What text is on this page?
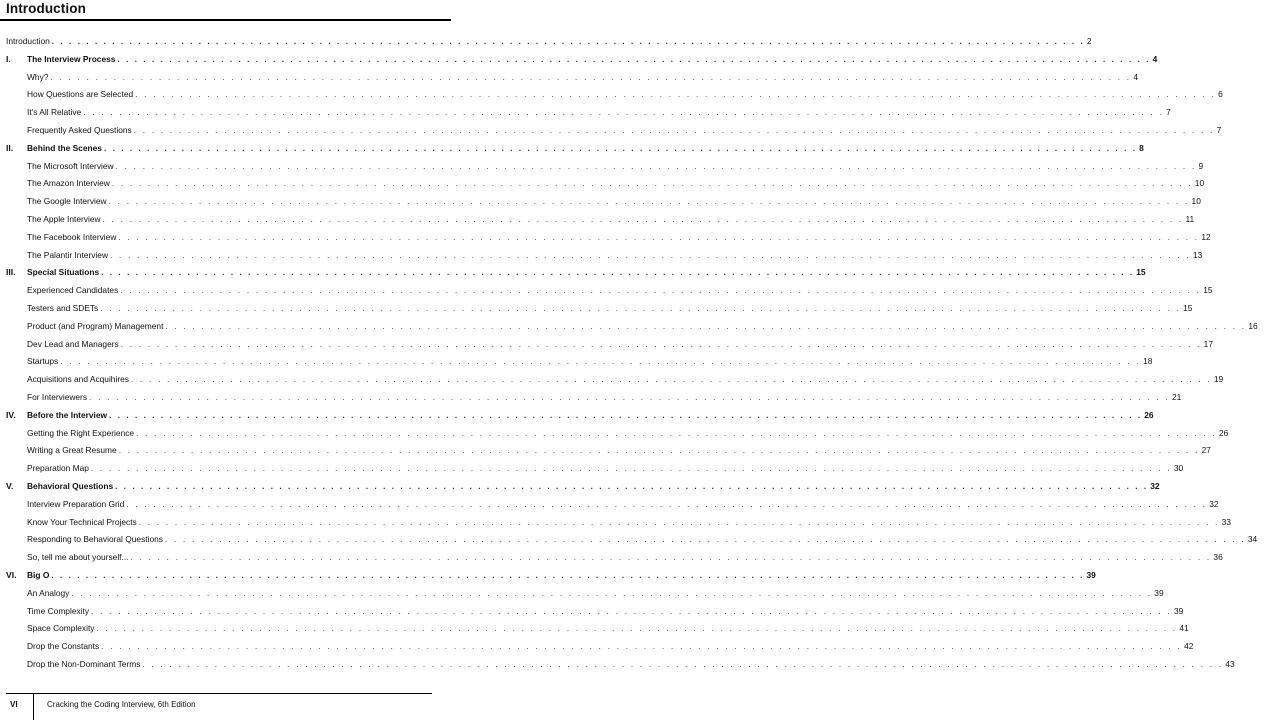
Introduction
Introduction . . . . . . . . . . . . . . . . . . . . . . . . . . . . . . . . . . . . . . . . . . . . . . . . . . . . . . . . . . . . . . . . . . . . . . . . . . . . . . . . . . . . . . . . . . . . . . . . . . . . . . . . . . . . . . . . . . . . . . . . 2
I. The Interview Process . . . . . . . . . . . . . . . . . . . . . . . . . . . . . . . . . . . . . . . . . . . . . . . . . . . . . . . . . . . . . . . . . . . . . . . . . . . . . . . . . . . . . . . . . . . . . . . . . . . . . . . . . . . . . . . . . . . . . . . . 4
Why? . . . . . . . . . . . . . . . . . . . . . . . . . . . . . . . . . . . . . . . . . . . . . . . . . . . . . . . . . . . . . . . . . . . . . . . . . . . . . . . . . . . . . . . . . . . . . . . . . . . . . . . . . . . . . . . . . . . . . . . . 4
How Questions are Selected . . . . . . . . . . . . . . . . . . . . . . . . . . . . . . . . . . . . . . . . . . . . . . . . . . . . . . . . . . . . . . . . . . . . . . . . . . . . . . . . . . . . . . . . . . . . . . . . . . . . . . . . . . . . . . . . . . . . . . . . 6
It's All Relative . . . . . . . . . . . . . . . . . . . . . . . . . . . . . . . . . . . . . . . . . . . . . . . . . . . . . . . . . . . . . . . . . . . . . . . . . . . . . . . . . . . . . . . . . . . . . . . . . . . . . . . . . . . . . . . . . . . . . . . . 7
Frequently Asked Questions . . . . . . . . . . . . . . . . . . . . . . . . . . . . . . . . . . . . . . . . . . . . . . . . . . . . . . . . . . . . . . . . . . . . . . . . . . . . . . . . . . . . . . . . . . . . . . . . . . . . . . . . . . . . . . . . . . . . . . . . 7
II. Behind the Scenes . . . . . . . . . . . . . . . . . . . . . . . . . . . . . . . . . . . . . . . . . . . . . . . . . . . . . . . . . . . . . . . . . . . . . . . . . . . . . . . . . . . . . . . . . . . . . . . . . . . . . . . . . . . . . . . . . . . . . . . . 8
The Microsoft Interview . . . . . . . . . . . . . . . . . . . . . . . . . . . . . . . . . . . . . . . . . . . . . . . . . . . . . . . . . . . . . . . . . . . . . . . . . . . . . . . . . . . . . . . . . . . . . . . . . . . . . . . . . . . . . . . . . . . . . . . . 9
The Amazon Interview . . . . . . . . . . . . . . . . . . . . . . . . . . . . . . . . . . . . . . . . . . . . . . . . . . . . . . . . . . . . . . . . . . . . . . . . . . . . . . . . . . . . . . . . . . . . . . . . . . . . . . . . . . . . . . . . . . . . . . . . 10
The Google Interview . . . . . . . . . . . . . . . . . . . . . . . . . . . . . . . . . . . . . . . . . . . . . . . . . . . . . . . . . . . . . . . . . . . . . . . . . . . . . . . . . . . . . . . . . . . . . . . . . . . . . . . . . . . . . . . . . . . . . . . . 10
The Apple Interview . . . . . . . . . . . . . . . . . . . . . . . . . . . . . . . . . . . . . . . . . . . . . . . . . . . . . . . . . . . . . . . . . . . . . . . . . . . . . . . . . . . . . . . . . . . . . . . . . . . . . . . . . . . . . . . . . . . . . . . . 11
The Facebook Interview . . . . . . . . . . . . . . . . . . . . . . . . . . . . . . . . . . . . . . . . . . . . . . . . . . . . . . . . . . . . . . . . . . . . . . . . . . . . . . . . . . . . . . . . . . . . . . . . . . . . . . . . . . . . . . . . . . . . . . . . 12
The Palantir Interview . . . . . . . . . . . . . . . . . . . . . . . . . . . . . . . . . . . . . . . . . . . . . . . . . . . . . . . . . . . . . . . . . . . . . . . . . . . . . . . . . . . . . . . . . . . . . . . . . . . . . . . . . . . . . . . . . . . . . . . . 13
III. Special Situations . . . . . . . . . . . . . . . . . . . . . . . . . . . . . . . . . . . . . . . . . . . . . . . . . . . . . . . . . . . . . . . . . . . . . . . . . . . . . . . . . . . . . . . . . . . . . . . . . . . . . . . . . . . . . . . . . . . . . . . . 15
Experienced Candidates . . . . . . . . . . . . . . . . . . . . . . . . . . . . . . . . . . . . . . . . . . . . . . . . . . . . . . . . . . . . . . . . . . . . . . . . . . . . . . . . . . . . . . . . . . . . . . . . . . . . . . . . . . . . . . . . . . . . . . . . 15
Testers and SDETs . . . . . . . . . . . . . . . . . . . . . . . . . . . . . . . . . . . . . . . . . . . . . . . . . . . . . . . . . . . . . . . . . . . . . . . . . . . . . . . . . . . . . . . . . . . . . . . . . . . . . . . . . . . . . . . . . . . . . . . . 15
Product (and Program) Management . . . . . . . . . . . . . . . . . . . . . . . . . . . . . . . . . . . . . . . . . . . . . . . . . . . . . . . . . . . . . . . . . . . . . . . . . . . . . . . . . . . . . . . . . . . . . . . . . . . . . . . . . . . . . . . . . . . . . . . . 16
Dev Lead and Managers . . . . . . . . . . . . . . . . . . . . . . . . . . . . . . . . . . . . . . . . . . . . . . . . . . . . . . . . . . . . . . . . . . . . . . . . . . . . . . . . . . . . . . . . . . . . . . . . . . . . . . . . . . . . . . . . . . . . . . . . 17
Startups . . . . . . . . . . . . . . . . . . . . . . . . . . . . . . . . . . . . . . . . . . . . . . . . . . . . . . . . . . . . . . . . . . . . . . . . . . . . . . . . . . . . . . . . . . . . . . . . . . . . . . . . . . . . . . . . . . . . . . . . 18
Acquisitions and Acquihires . . . . . . . . . . . . . . . . . . . . . . . . . . . . . . . . . . . . . . . . . . . . . . . . . . . . . . . . . . . . . . . . . . . . . . . . . . . . . . . . . . . . . . . . . . . . . . . . . . . . . . . . . . . . . . . . . . . . . . . . 19
For Interviewers . . . . . . . . . . . . . . . . . . . . . . . . . . . . . . . . . . . . . . . . . . . . . . . . . . . . . . . . . . . . . . . . . . . . . . . . . . . . . . . . . . . . . . . . . . . . . . . . . . . . . . . . . . . . . . . . . . . . . . . . 21
IV. Before the Interview . . . . . . . . . . . . . . . . . . . . . . . . . . . . . . . . . . . . . . . . . . . . . . . . . . . . . . . . . . . . . . . . . . . . . . . . . . . . . . . . . . . . . . . . . . . . . . . . . . . . . . . . . . . . . . . . . . . . . . . . 26
Getting the Right Experience . . . . . . . . . . . . . . . . . . . . . . . . . . . . . . . . . . . . . . . . . . . . . . . . . . . . . . . . . . . . . . . . . . . . . . . . . . . . . . . . . . . . . . . . . . . . . . . . . . . . . . . . . . . . . . . . . . . . . . . . 26
Writing a Great Resume . . . . . . . . . . . . . . . . . . . . . . . . . . . . . . . . . . . . . . . . . . . . . . . . . . . . . . . . . . . . . . . . . . . . . . . . . . . . . . . . . . . . . . . . . . . . . . . . . . . . . . . . . . . . . . . . . . . . . . . . 27
Preparation Map . . . . . . . . . . . . . . . . . . . . . . . . . . . . . . . . . . . . . . . . . . . . . . . . . . . . . . . . . . . . . . . . . . . . . . . . . . . . . . . . . . . . . . . . . . . . . . . . . . . . . . . . . . . . . . . . . . . . . . . . 30
V. Behavioral Questions . . . . . . . . . . . . . . . . . . . . . . . . . . . . . . . . . . . . . . . . . . . . . . . . . . . . . . . . . . . . . . . . . . . . . . . . . . . . . . . . . . . . . . . . . . . . . . . . . . . . . . . . . . . . . . . . . . . . . . . . 32
Interview Preparation Grid . . . . . . . . . . . . . . . . . . . . . . . . . . . . . . . . . . . . . . . . . . . . . . . . . . . . . . . . . . . . . . . . . . . . . . . . . . . . . . . . . . . . . . . . . . . . . . . . . . . . . . . . . . . . . . . . . . . . . . . . 32
Know Your Technical Projects . . . . . . . . . . . . . . . . . . . . . . . . . . . . . . . . . . . . . . . . . . . . . . . . . . . . . . . . . . . . . . . . . . . . . . . . . . . . . . . . . . . . . . . . . . . . . . . . . . . . . . . . . . . . . . . . . . . . . . . . 33
Responding to Behavioral Questions . . . . . . . . . . . . . . . . . . . . . . . . . . . . . . . . . . . . . . . . . . . . . . . . . . . . . . . . . . . . . . . . . . . . . . . . . . . . . . . . . . . . . . . . . . . . . . . . . . . . . . . . . . . . . . . . . . . . . . . . 34
So, tell me about yourself... . . . . . . . . . . . . . . . . . . . . . . . . . . . . . . . . . . . . . . . . . . . . . . . . . . . . . . . . . . . . . . . . . . . . . . . . . . . . . . . . . . . . . . . . . . . . . . . . . . . . . . . . . . . . . . . . . . . . . . . . 36
VI. Big O . . . . . . . . . . . . . . . . . . . . . . . . . . . . . . . . . . . . . . . . . . . . . . . . . . . . . . . . . . . . . . . . . . . . . . . . . . . . . . . . . . . . . . . . . . . . . . . . . . . . . . . . . . . . . . . . . . . . . . . . 39
An Analogy . . . . . . . . . . . . . . . . . . . . . . . . . . . . . . . . . . . . . . . . . . . . . . . . . . . . . . . . . . . . . . . . . . . . . . . . . . . . . . . . . . . . . . . . . . . . . . . . . . . . . . . . . . . . . . . . . . . . . . . . 39
Time Complexity . . . . . . . . . . . . . . . . . . . . . . . . . . . . . . . . . . . . . . . . . . . . . . . . . . . . . . . . . . . . . . . . . . . . . . . . . . . . . . . . . . . . . . . . . . . . . . . . . . . . . . . . . . . . . . . . . . . . . . . . 39
Space Complexity . . . . . . . . . . . . . . . . . . . . . . . . . . . . . . . . . . . . . . . . . . . . . . . . . . . . . . . . . . . . . . . . . . . . . . . . . . . . . . . . . . . . . . . . . . . . . . . . . . . . . . . . . . . . . . . . . . . . . . . . 41
Drop the Constants . . . . . . . . . . . . . . . . . . . . . . . . . . . . . . . . . . . . . . . . . . . . . . . . . . . . . . . . . . . . . . . . . . . . . . . . . . . . . . . . . . . . . . . . . . . . . . . . . . . . . . . . . . . . . . . . . . . . . . . . 42
Drop the Non-Dominant Terms . . . . . . . . . . . . . . . . . . . . . . . . . . . . . . . . . . . . . . . . . . . . . . . . . . . . . . . . . . . . . . . . . . . . . . . . . . . . . . . . . . . . . . . . . . . . . . . . . . . . . . . . . . . . . . . . . . . . . . . . 43
VI	Cracking the Coding Interview, 6th Edition
